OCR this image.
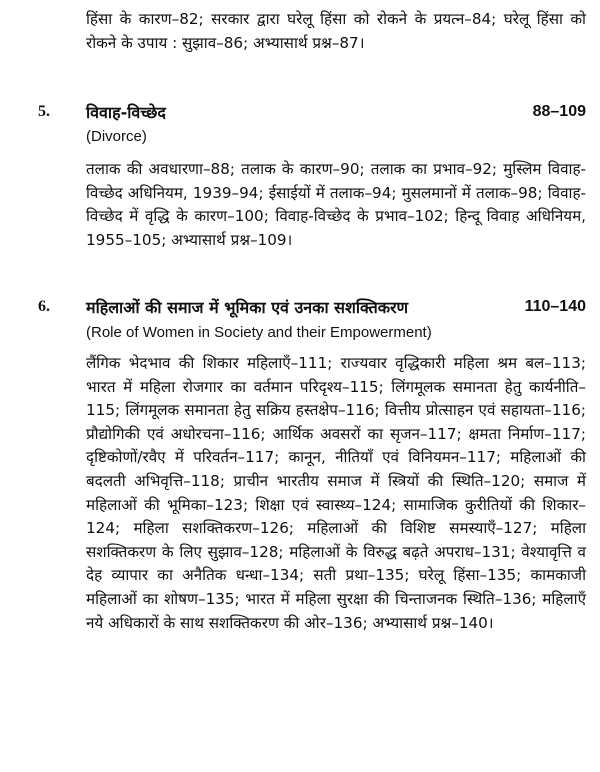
हिंसा के कारण–82; सरकार द्वारा घरेलू हिंसा को रोकने के प्रयत्न–84; घरेलू हिंसा को रोकने के उपाय : सुझाव–86; अभ्यासार्थ प्रश्न–87।

5. विवाह-विच्छेद	88–109
(Divorce)

तलाक की अवधारणा–88; तलाक के कारण–90; तलाक का प्रभाव–92; मुस्लिम विवाह-विच्छेद अधिनियम, 1939–94; ईसाईयों में तलाक–94; मुसलमानों में तलाक–98; विवाह-विच्छेद में वृद्धि के कारण–100; विवाह-विच्छेद के प्रभाव–102; हिन्दू विवाह अधिनियम, 1955–105; अभ्यासार्थ प्रश्न–109।

6. महिलाओं की समाज में भूमिका एवं उनका सशक्तिकरण	110–140
(Role of Women in Society and their Empowerment)

लैंगिक भेदभाव की शिकार महिलाएँ–111; राज्यवार वृद्धिकारी महिला श्रम बल–113; भारत में महिला रोजगार का वर्तमान परिदृश्य–115; लिंगमूलक समानता हेतु कार्यनीति–115; लिंगमूलक समानता हेतु सक्रिय हस्तक्षेप–116; वित्तीय प्रोत्साहन एवं सहायता–116; प्रौद्योगिकी एवं अधोरचना–116; आर्थिक अवसरों का सृजन–117; क्षमता निर्माण–117; दृष्टिकोणों/रवैए में परिवर्तन–117; कानून, नीतियाँ एवं विनियमन–117; महिलाओं की बदलती अभिवृत्ति–118; प्राचीन भारतीय समाज में स्त्रियों की स्थिति–120; समाज में महिलाओं की भूमिका–123; शिक्षा एवं स्वास्थ्य–124; सामाजिक कुरीतियों की शिकार–124; महिला सशक्तिकरण–126; महिलाओं की विशिष्ट समस्याएँ–127; महिला सशक्तिकरण के लिए सुझाव–128; महिलाओं के विरुद्ध बढ़ते अपराध–131; वेश्यावृत्ति व देह व्यापार का अनैतिक धन्धा–134; सती प्रथा–135; घरेलू हिंसा–135; कामकाजी महिलाओं का शोषण–135; भारत में महिला सुरक्षा की चिन्ताजनक स्थिति–136; महिलाएँ नये अधिकारों के साथ सशक्तिकरण की ओर–136; अभ्यासार्थ प्रश्न–140।
